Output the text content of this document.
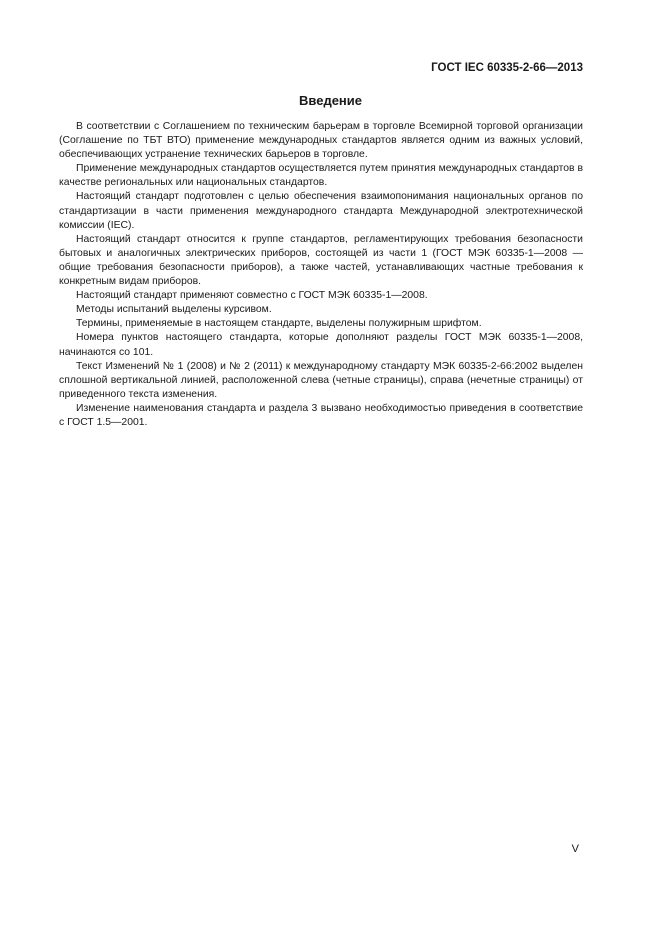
ГОСТ IEC 60335-2-66—2013
Введение

В соответствии с Соглашением по техническим барьерам в торговле Всемирной торговой организации (Соглашение по ТБТ ВТО) применение международных стандартов является одним из важных условий, обеспечивающих устранение технических барьеров в торговле.

Применение международных стандартов осуществляется путем принятия международных стандартов в качестве региональных или национальных стандартов.

Настоящий стандарт подготовлен с целью обеспечения взаимопонимания национальных органов по стандартизации в части применения международного стандарта Международной электротехнической комиссии (IEC).

Настоящий стандарт относится к группе стандартов, регламентирующих требования безопасности бытовых и аналогичных электрических приборов, состоящей из части 1 (ГОСТ МЭК 60335-1—2008 — общие требования безопасности приборов), а также частей, устанавливающих частные требования к конкретным видам приборов.

Настоящий стандарт применяют совместно с ГОСТ МЭК 60335-1—2008.

Методы испытаний выделены курсивом.

Термины, применяемые в настоящем стандарте, выделены полужирным шрифтом.

Номера пунктов настоящего стандарта, которые дополняют разделы ГОСТ МЭК 60335-1—2008, начинаются со 101.

Текст Изменений № 1 (2008) и № 2 (2011) к международному стандарту МЭК 60335-2-66:2002 выделен сплошной вертикальной линией, расположенной слева (четные страницы), справа (нечетные страницы) от приведенного текста изменения.

Изменение наименования стандарта и раздела 3 вызвано необходимостью приведения в соответствие с ГОСТ 1.5—2001.

V
